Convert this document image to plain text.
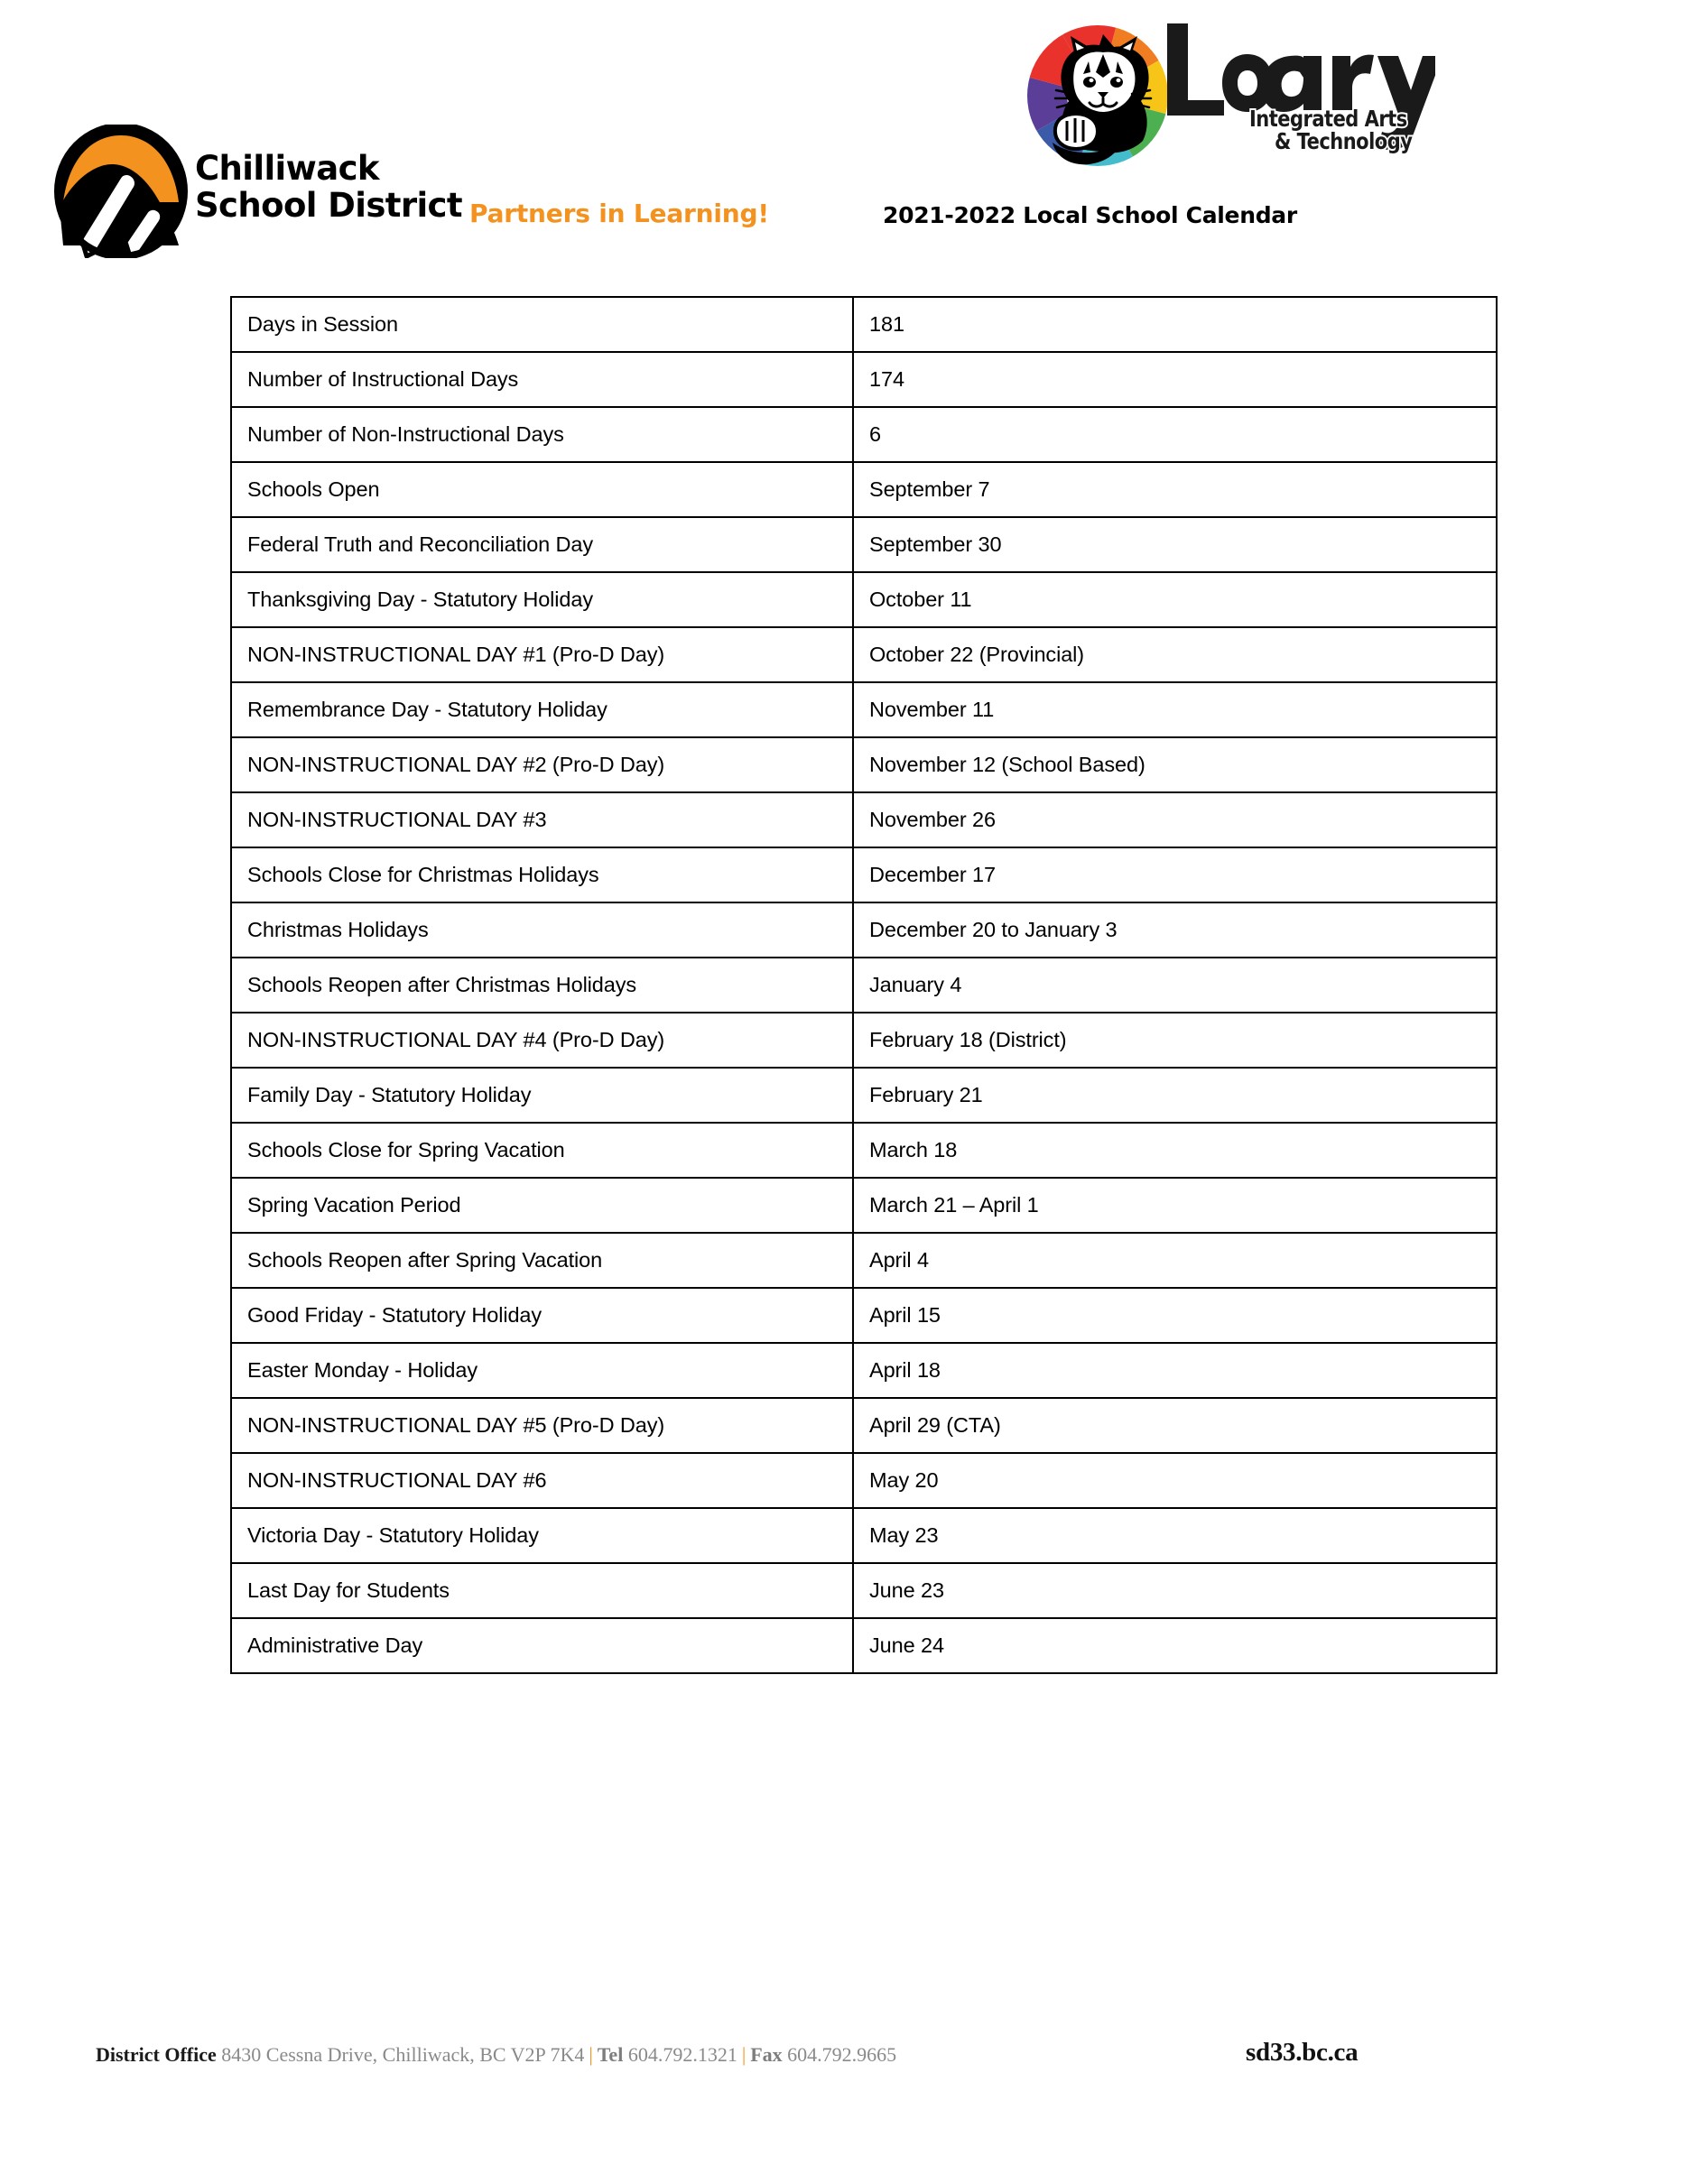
Chilliwack
School District Partners in Learning!
Integrated Arts
& Technology
2021-2022 Local School Calendar
Days in Session	181
Number of Instructional Days	174
Number of Non-Instructional Days	6
Schools Open	September 7
Federal Truth and Reconciliation Day	September 30
Thanksgiving Day - Statutory Holiday	October 11
NON-INSTRUCTIONAL DAY #1 (Pro-D Day)	October 22 (Provincial)
Remembrance Day - Statutory Holiday	November 11
NON-INSTRUCTIONAL DAY #2 (Pro-D Day)	November 12 (School Based)
NON-INSTRUCTIONAL DAY #3	November 26
Schools Close for Christmas Holidays	December 17
Christmas Holidays	December 20 to January 3
Schools Reopen after Christmas Holidays	January 4
NON-INSTRUCTIONAL DAY #4 (Pro-D Day)	February 18 (District)
Family Day - Statutory Holiday	February 21
Schools Close for Spring Vacation	March 18
Spring Vacation Period	March 21 – April 1
Schools Reopen after Spring Vacation	April 4
Good Friday - Statutory Holiday	April 15
Easter Monday - Holiday	April 18
NON-INSTRUCTIONAL DAY #5 (Pro-D Day)	April 29 (CTA)
NON-INSTRUCTIONAL DAY #6	May 20
Victoria Day - Statutory Holiday	May 23
Last Day for Students	June 23
Administrative Day	June 24
District Office 8430 Cessna Drive, Chilliwack, BC V2P 7K4 | Tel 604.792.1321 | Fax 604.792.9665	sd33.bc.ca
